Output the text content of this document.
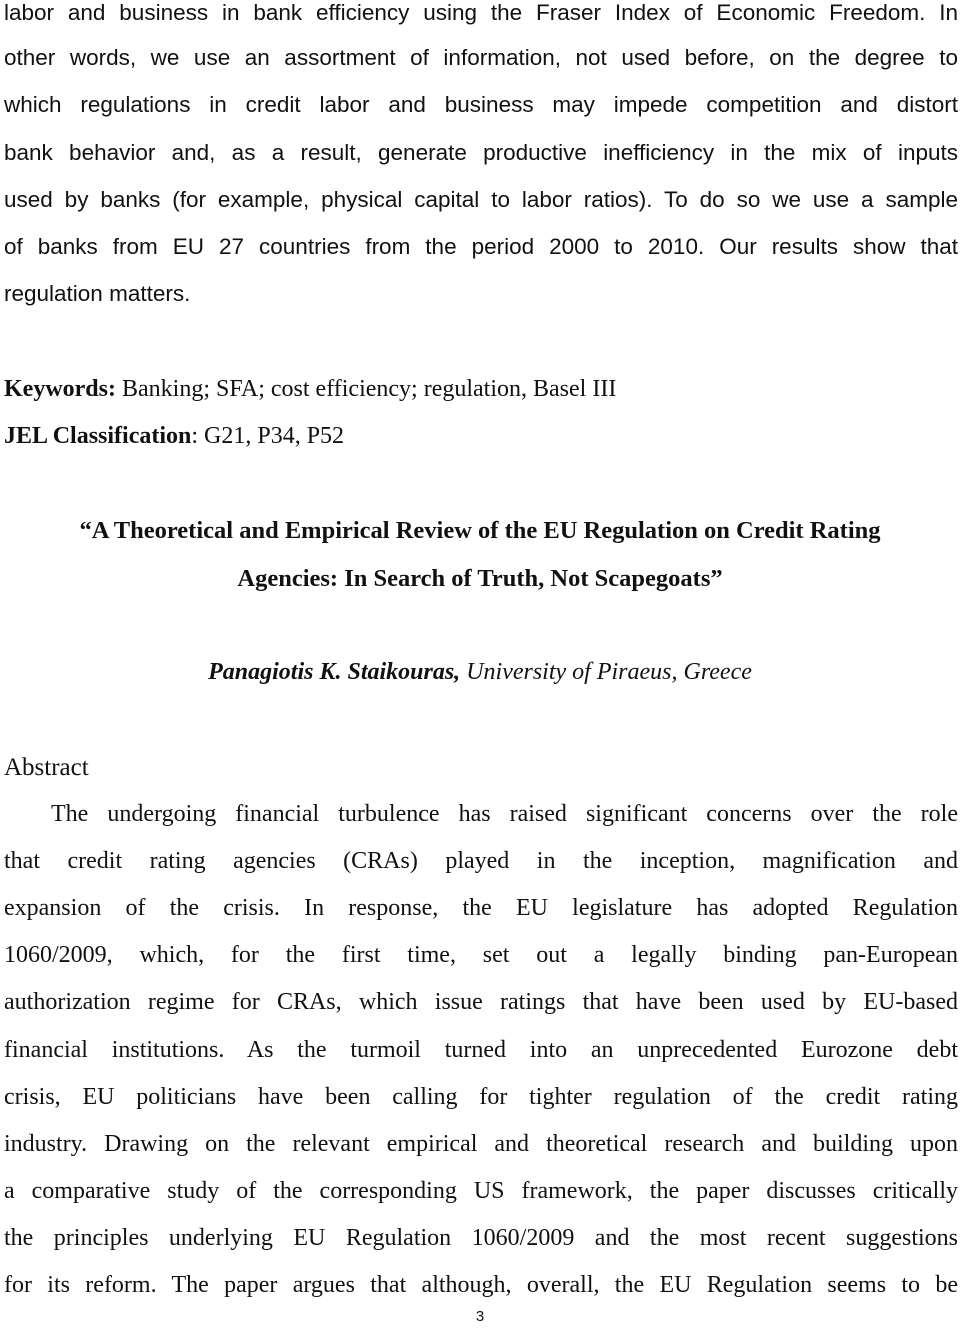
labor and business in bank efficiency using the Fraser Index of Economic Freedom. In
other words, we use an assortment of information, not used before, on the degree to
which regulations in credit labor and business may impede competition and distort
bank behavior and, as a result, generate productive inefficiency in the mix of inputs
used by banks (for example, physical capital to labor ratios). To do so we use a sample
of banks from EU 27 countries from the period 2000 to 2010. Our results show that
regulation matters.
Keywords: Banking; SFA; cost efficiency; regulation, Basel III
JEL Classification: G21, P34, P52
“A Theoretical and Empirical Review of the EU Regulation on Credit Rating
Agencies: In Search of Truth, Not Scapegoats”
Panagiotis K. Staikouras, University of Piraeus, Greece
Abstract
The undergoing financial turbulence has raised significant concerns over the role
that credit rating agencies (CRAs) played in the inception, magnification and
expansion of the crisis. In response, the EU legislature has adopted Regulation
1060/2009, which, for the first time, set out a legally binding pan-European
authorization regime for CRAs, which issue ratings that have been used by EU-based
financial institutions. As the turmoil turned into an unprecedented Eurozone debt
crisis, EU politicians have been calling for tighter regulation of the credit rating
industry. Drawing on the relevant empirical and theoretical research and building upon
a comparative study of the corresponding US framework, the paper discusses critically
the principles underlying EU Regulation 1060/2009 and the most recent suggestions
for its reform. The paper argues that although, overall, the EU Regulation seems to be
3
